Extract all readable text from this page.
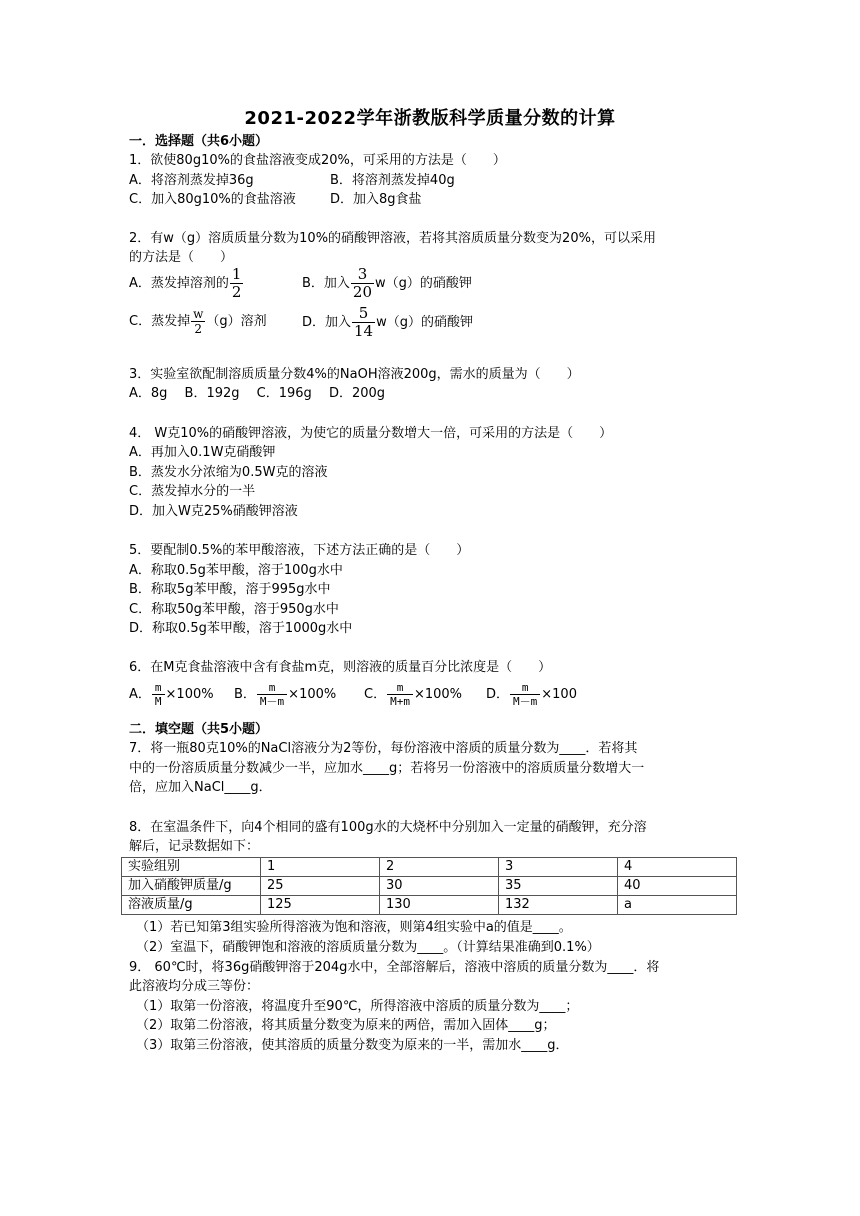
2021-2022学年浙教版科学质量分数的计算
一．选择题（共6小题）
1．欲使80g10%的食盐溶液变成20%，可采用的方法是（　　）
A．将溶剂蒸发掉36g	B．将溶剂蒸发掉40g
C．加入80g10%的食盐溶液	D．加入8g食盐
2．有w（g）溶质质量分数为10%的硝酸钾溶液，若将其溶质质量分数变为20%，可以采用
的方法是（　　）
A．蒸发掉溶剂的 $\frac{1}{2}$	B．加入 $\frac{3}{20} w(g)$的硝酸钾
C．蒸发掉 $\frac{w}{2} (g)$溶剂	D．加入 $\frac{5}{14} w(g)$的硝酸钾
3．实验室欲配制溶质质量分数4%的NaOH溶液200g，需水的质量为（　　）
A．8g　 B．192g　 C．196g　 D．200g
4． W克10%的硝酸钾溶液，为使它的质量分数增大一倍，可采用的方法是（　　）
A．再加入0.1W克硝酸钾
B．蒸发水分浓缩为0.5W克的溶液
C．蒸发掉水分的一半
D．加入W克25%硝酸钾溶液
5．要配制0.5%的苯甲酸溶液，下述方法正确的是（　　）
A．称取0.5g苯甲酸，溶于100g水中
B．称取5g苯甲酸，溶于995g水中
C．称取50g苯甲酸，溶于950g水中
D．称取0.5g苯甲酸，溶于1000g水中
6．在M克食盐溶液中含有食盐m克，则溶液的质量百分比浓度是（　　）
A． $\frac{m}{M} \times 100\%$ B． $\frac{m}{M-m} \times 100\%$ C． $\frac{m}{M+m} \times 100\%$ D． $\frac{m}{M-m} \times 100$
二．填空题（共5小题）
7．将一瓶80克10%的NaCl溶液分为2等份，每份溶液中溶质的质量分数为____．若将其
中的一份溶质质量分数减少一半，应加水____g；若将另一份溶液中的溶质质量分数增大一
倍，应加入NaCl____g．
8．在室温条件下，向4个相同的盛有100g水的大烧杯中分别加入一定量的硝酸钾，充分溶
解后，记录数据如下：
实验组别	1	2	3	4
加入硝酸钾质量/g	25	30	35	40
溶液质量/g	125	130	132	a
（1）若已知第3组实验所得溶液为饱和溶液，则第4组实验中a的值是____。
（2）室温下，硝酸钾饱和溶液的溶质质量分数为____。（计算结果准确到0.1%）
9． 60℃时，将36g硝酸钾溶于204g水中，全部溶解后，溶液中溶质的质量分数为____．将
此溶液均分成三等份：
（1）取第一份溶液，将温度升至90℃，所得溶液中溶质的质量分数为____；
（2）取第二份溶液，将其质量分数变为原来的两倍，需加入固体____g；
（3）取第三份溶液，使其溶质的质量分数变为原来的一半，需加水____g．
